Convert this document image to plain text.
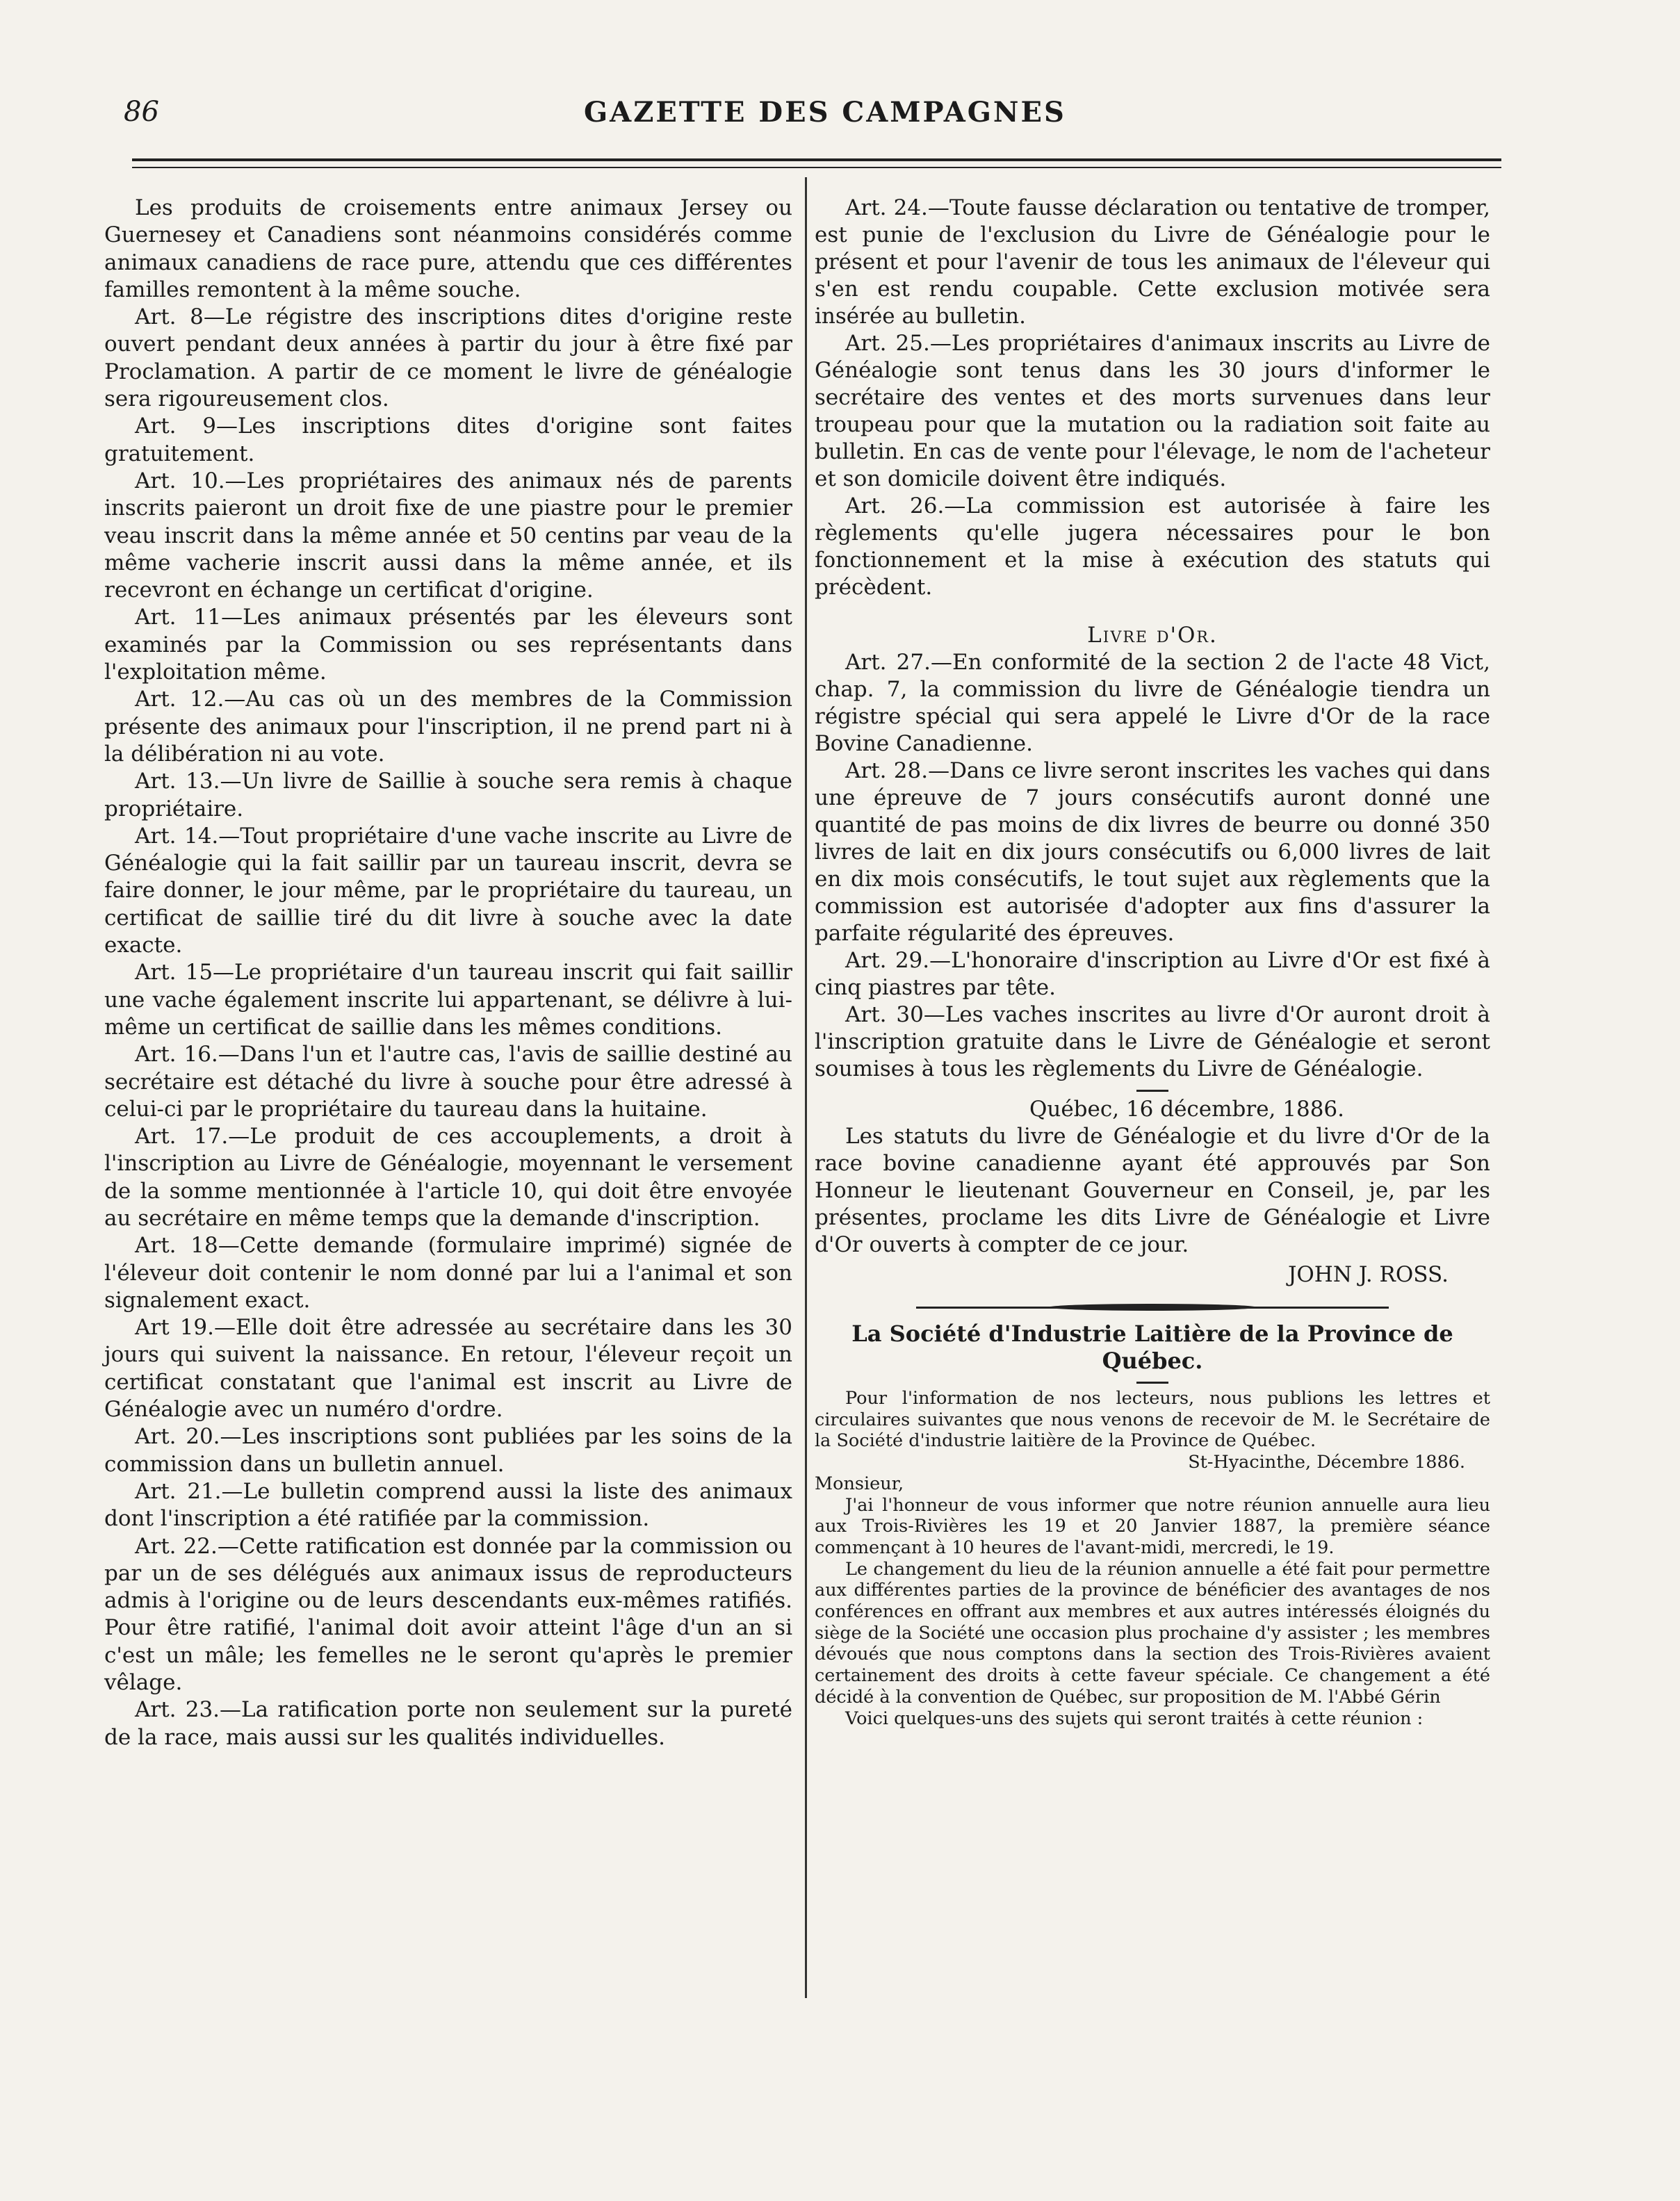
86	GAZETTE DES CAMPAGNES

Les produits de croisements entre animaux Jersey ou Guernesey et Canadiens sont néanmoins considérés comme animaux canadiens de race pure, attendu que ces différentes familles remontent à la même souche.

Art. 8—Le régistre des inscriptions dites d'origine reste ouvert pendant deux années à partir du jour à être fixé par Proclamation. A partir de ce moment le livre de généalogie sera rigoureusement clos.

Art. 9—Les inscriptions dites d'origine sont faites gratuitement.

Art. 10.—Les propriétaires des animaux nés de parents inscrits paieront un droit fixe de une piastre pour le premier veau inscrit dans la même année et 50 centins par veau de la même vacherie inscrit aussi dans la même année, et ils recevront en échange un certificat d'origine.

Art. 11—Les animaux présentés par les éleveurs sont examinés par la Commission ou ses représentants dans l'exploitation même.

Art. 12.—Au cas où un des membres de la Commission présente des animaux pour l'inscription, il ne prend part ni à la délibération ni au vote.

Art. 13.—Un livre de Saillie à souche sera remis à chaque propriétaire.

Art. 14.—Tout propriétaire d'une vache inscrite au Livre de Généalogie qui la fait saillir par un taureau inscrit, devra se faire donner, le jour même, par le propriétaire du taureau, un certificat de saillie tiré du dit livre à souche avec la date exacte.

Art. 15—Le propriétaire d'un taureau inscrit qui fait saillir une vache également inscrite lui appartenant, se délivre à lui-même un certificat de saillie dans les mêmes conditions.

Art. 16.—Dans l'un et l'autre cas, l'avis de saillie destiné au secrétaire est détaché du livre à souche pour être adressé à celui-ci par le propriétaire du taureau dans la huitaine.

Art. 17.—Le produit de ces accouplements, a droit à l'inscription au Livre de Généalogie, moyennant le versement de la somme mentionnée à l'article 10, qui doit être envoyée au secrétaire en même temps que la demande d'inscription.

Art. 18—Cette demande (formulaire imprimé) signée de l'éleveur doit contenir le nom donné par lui a l'animal et son signalement exact.

Art 19.—Elle doit être adressée au secrétaire dans les 30 jours qui suivent la naissance. En retour, l'éleveur reçoit un certificat constatant que l'animal est inscrit au Livre de Généalogie avec un numéro d'ordre.

Art. 20.—Les inscriptions sont publiées par les soins de la commission dans un bulletin annuel.

Art. 21.—Le bulletin comprend aussi la liste des animaux dont l'inscription a été ratifiée par la commission.

Art. 22.—Cette ratification est donnée par la commission ou par un de ses délégués aux animaux issus de reproducteurs admis à l'origine ou de leurs descendants eux-mêmes ratifiés. Pour être ratifié, l'animal doit avoir atteint l'âge d'un an si c'est un mâle; les femelles ne le seront qu'après le premier vêlage.

Art. 23.—La ratification porte non seulement sur la pureté de la race, mais aussi sur les qualités individuelles.

Art. 24.—Toute fausse déclaration ou tentative de tromper, est punie de l'exclusion du Livre de Généalogie pour le présent et pour l'avenir de tous les animaux de l'éleveur qui s'en est rendu coupable. Cette exclusion motivée sera insérée au bulletin.

Art. 25.—Les propriétaires d'animaux inscrits au Livre de Généalogie sont tenus dans les 30 jours d'informer le secrétaire des ventes et des morts survenues dans leur troupeau pour que la mutation ou la radiation soit faite au bulletin. En cas de vente pour l'élevage, le nom de l'acheteur et son domicile doivent être indiqués.

Art. 26.—La commission est autorisée à faire les règlements qu'elle jugera nécessaires pour le bon fonctionnement et la mise à exécution des statuts qui précèdent.

Livre d'Or.

Art. 27.—En conformité de la section 2 de l'acte 48 Vict, chap. 7, la commission du livre de Généalogie tiendra un régistre spécial qui sera appelé le Livre d'Or de la race Bovine Canadienne.

Art. 28.—Dans ce livre seront inscrites les vaches qui dans une épreuve de 7 jours consécutifs auront donné une quantité de pas moins de dix livres de beurre ou donné 350 livres de lait en dix jours consécutifs ou 6,000 livres de lait en dix mois consécutifs, le tout sujet aux règlements que la commission est autorisée d'adopter aux fins d'assurer la parfaite régularité des épreuves.

Art. 29.—L'honoraire d'inscription au Livre d'Or est fixé à cinq piastres par tête.

Art. 30—Les vaches inscrites au livre d'Or auront droit à l'inscription gratuite dans le Livre de Généalogie et seront soumises à tous les règlements du Livre de Généalogie.

Québec, 16 décembre, 1886.

Les statuts du livre de Généalogie et du livre d'Or de la race bovine canadienne ayant été approuvés par Son Honneur le lieutenant Gouverneur en Conseil, je, par les présentes, proclame les dits Livre de Généalogie et Livre d'Or ouverts à compter de ce jour.

JOHN J. ROSS.

La Société d'Industrie Laitière de la Province de Québec.

Pour l'information de nos lecteurs, nous publions les lettres et circulaires suivantes que nous venons de recevoir de M. le Secrétaire de la Société d'industrie laitière de la Province de Québec.

St-Hyacinthe, Décembre 1886.

Monsieur,

J'ai l'honneur de vous informer que notre réunion annuelle aura lieu aux Trois-Rivières les 19 et 20 Janvier 1887, la première séance commençant à 10 heures de l'avant-midi, mercredi, le 19.

Le changement du lieu de la réunion annuelle a été fait pour permettre aux différentes parties de la province de bénéficier des avantages de nos conférences en offrant aux membres et aux autres intéressés éloignés du siège de la Société une occasion plus prochaine d'y assister ; les membres dévoués que nous comptons dans la section des Trois-Rivières avaient certainement des droits à cette faveur spéciale. Ce changement a été décidé à la convention de Québec, sur proposition de M. l'Abbé Gérin

Voici quelques-uns des sujets qui seront traités à cette réunion :
